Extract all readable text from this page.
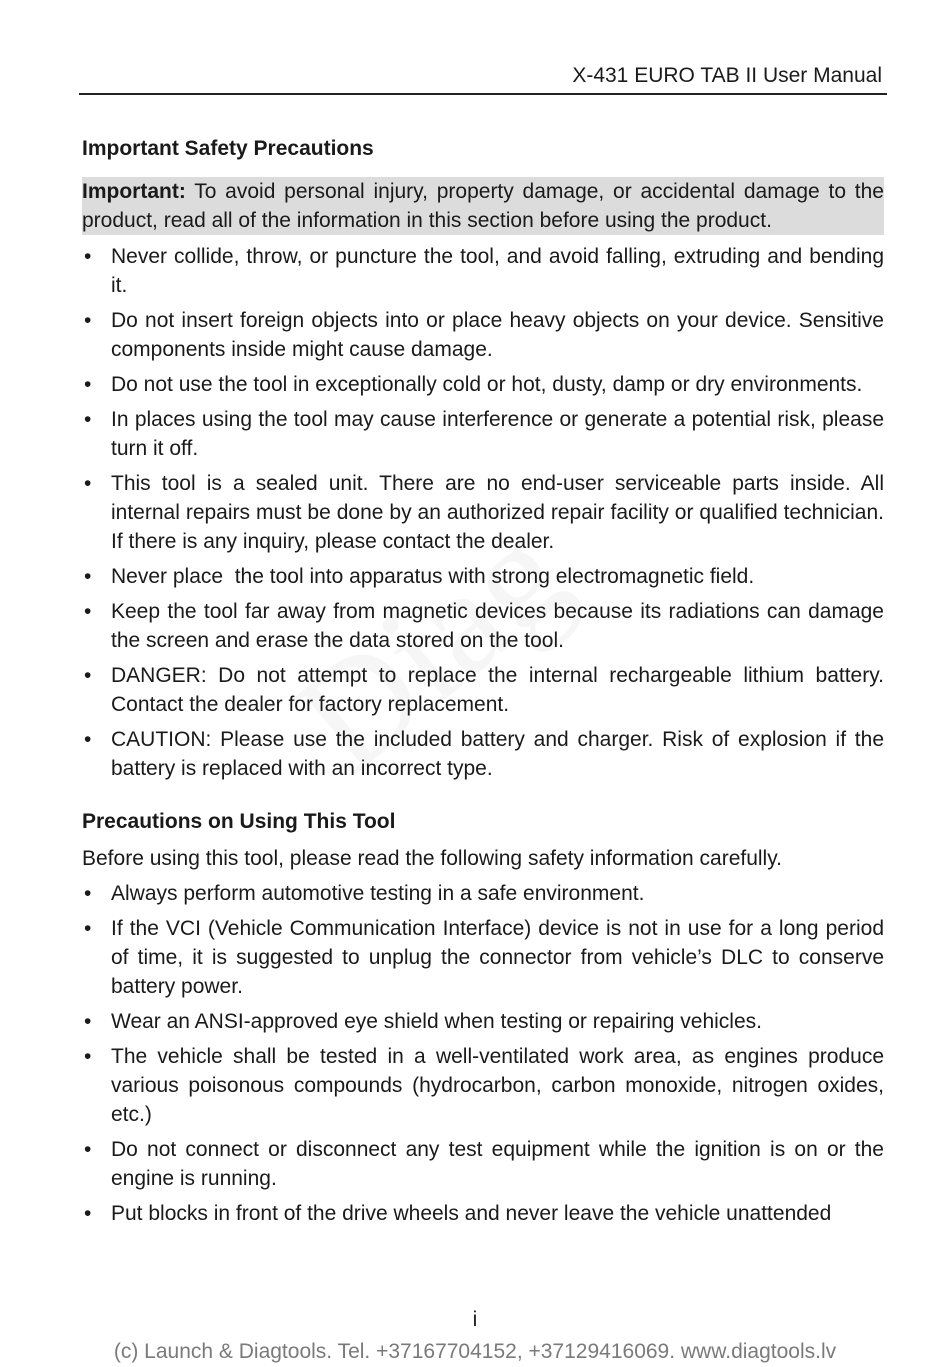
X-431 EURO TAB II User Manual
Important Safety Precautions
Important: To avoid personal injury, property damage, or accidental damage to the product, read all of the information in this section before using the product.
• Never collide, throw, or puncture the tool, and avoid falling, extruding and bending it.
• Do not insert foreign objects into or place heavy objects on your device. Sensitive components inside might cause damage.
• Do not use the tool in exceptionally cold or hot, dusty, damp or dry environments.
• In places using the tool may cause interference or generate a potential risk, please turn it off.
• This tool is a sealed unit. There are no end-user serviceable parts inside. All internal repairs must be done by an authorized repair facility or qualified technician. If there is any inquiry, please contact the dealer.
• Never place  the tool into apparatus with strong electromagnetic field.
• Keep the tool far away from magnetic devices because its radiations can damage the screen and erase the data stored on the tool.
• DANGER: Do not attempt to replace the internal rechargeable lithium battery. Contact the dealer for factory replacement.
• CAUTION: Please use the included battery and charger. Risk of explosion if the battery is replaced with an incorrect type.
Precautions on Using This Tool
Before using this tool, please read the following safety information carefully.
• Always perform automotive testing in a safe environment.
• If the VCI (Vehicle Communication Interface) device is not in use for a long period of time, it is suggested to unplug the connector from vehicle’s DLC to conserve battery power.
• Wear an ANSI-approved eye shield when testing or repairing vehicles.
• The vehicle shall be tested in a well-ventilated work area, as engines produce various poisonous compounds (hydrocarbon, carbon monoxide, nitrogen oxides, etc.)
• Do not connect or disconnect any test equipment while the ignition is on or the engine is running.
• Put blocks in front of the drive wheels and never leave the vehicle unattended
i
(c) Launch & Diagtools. Tel. +37167704152, +37129416069. www.diagtools.lv
